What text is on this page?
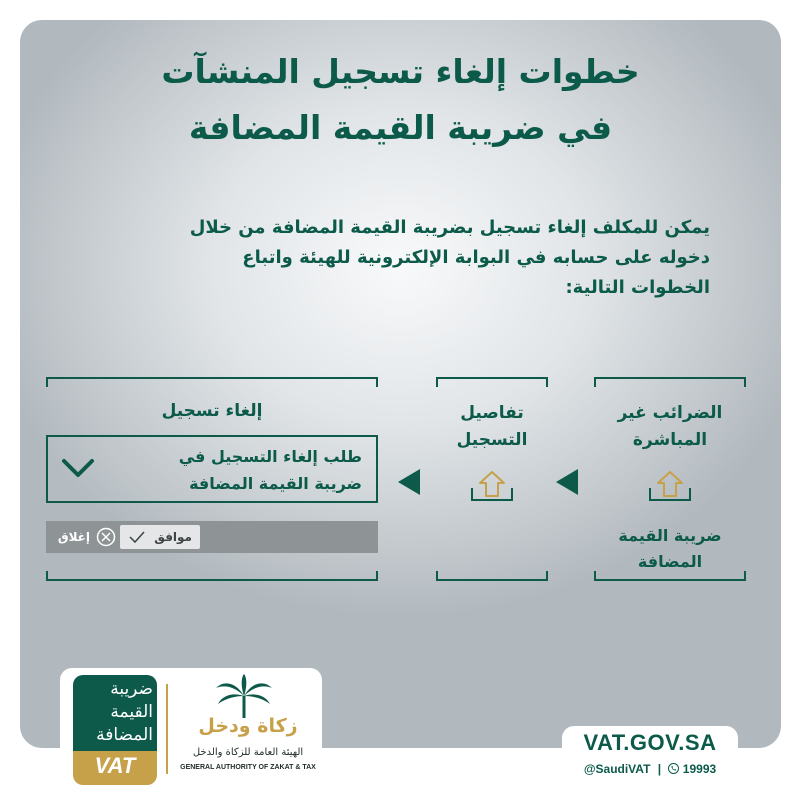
خطوات إلغاء تسجيل المنشآت
في ضريبة القيمة المضافة
يمكن للمكلف إلغاء تسجيل بضريبة القيمة المضافة من خلال
دخوله على حسابه في البوابة الإلكترونية للهيئة واتباع
الخطوات التالية:
الضرائب غير
المباشرة
ضريبة القيمة
المضافة
تفاصيل
التسجيل
إلغاء تسجيل
طلب إلغاء التسجيل في
ضريبة القيمة المضافة
موافق
إغلاق
ضريبة
القيمة
المضافة
VAT
زكاة ودخل
الهيئة العامة للزكاة والدخل
GENERAL AUTHORITY OF ZAKAT & TAX
VAT.GOV.SA
@SaudiVAT | 19993
